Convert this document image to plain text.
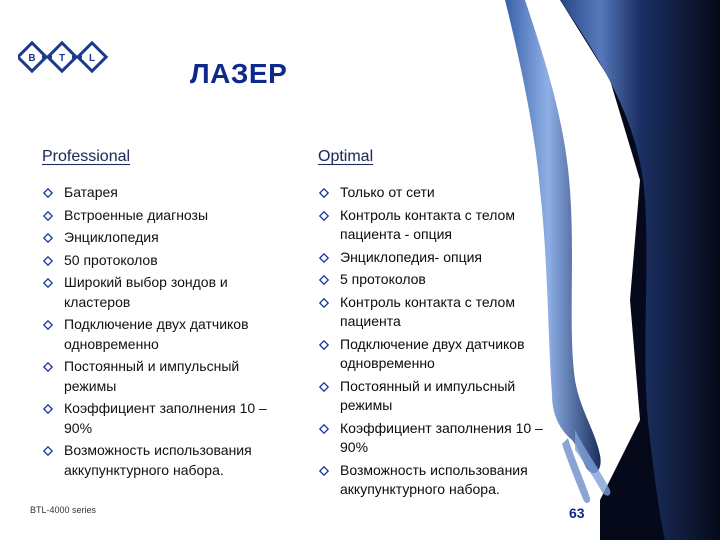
B T L	ЛАЗЕР
Professional
Батарея
Встроенные диагнозы
Энциклопедия
50 протоколов
Широкий выбор зондов и кластеров
Подключение двух датчиков одновременно
Постоянный и импульсный режимы
Коэффициент заполнения 10 – 90%
Возможность использования аккупунктурного набора.
Optimal
Только от сети
Контроль контакта с телом пациента - опция
Энциклопедия- опция
5 протоколов
Контроль контакта с телом пациента
Подключение двух датчиков одновременно
Постоянный и импульсный режимы
Коэффициент заполнения 10 – 90%
Возможность использования аккупунктурного набора.
BTL-4000 series	63
